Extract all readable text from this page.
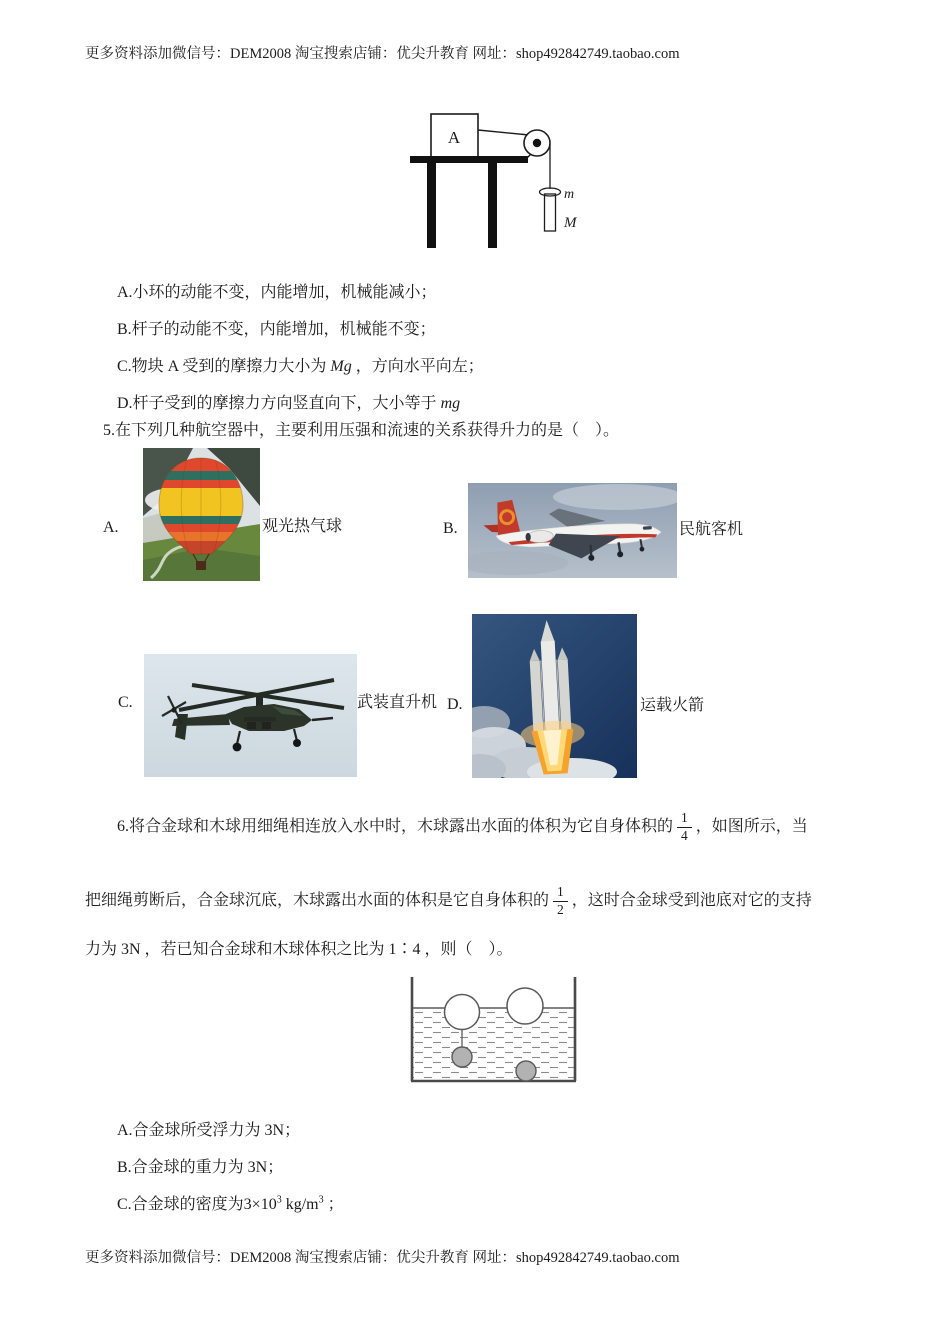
更多资料添加微信号：DEM2008 淘宝搜索店铺：优尖升教育 网址：shop492842749.taobao.com
A
m
M
A.小环的动能不变，内能增加，机械能减小；
B.杆子的动能不变，内能增加，机械能不变；
C.物块 A 受到的摩擦力大小为 Mg ，方向水平向左；
D.杆子受到的摩擦力方向竖直向下，大小等于 mg
5.在下列几种航空器中，主要利用压强和流速的关系获得升力的是（　）。
A.	观光热气球	B.	民航客机
C.	武装直升机 D.	运载火箭
6.将合金球和木球用细绳相连放入水中时，木球露出水面的体积为它自身体积的 $\frac{1}{4}$ ，如图所示，当
把细绳剪断后，合金球沉底，木球露出水面的体积是它自身体积的 $\frac{1}{2}$ ，这时合金球受到池底对它的支持
力为 3N ，若已知合金球和木球体积之比为 1∶4 ，则（　）。
A.合金球所受浮力为 3N；
B.合金球的重力为 3N；
C.合金球的密度为$3\times 10^3$ $kg/m^3$ ；
更多资料添加微信号：DEM2008 淘宝搜索店铺：优尖升教育 网址：shop492842749.taobao.com
